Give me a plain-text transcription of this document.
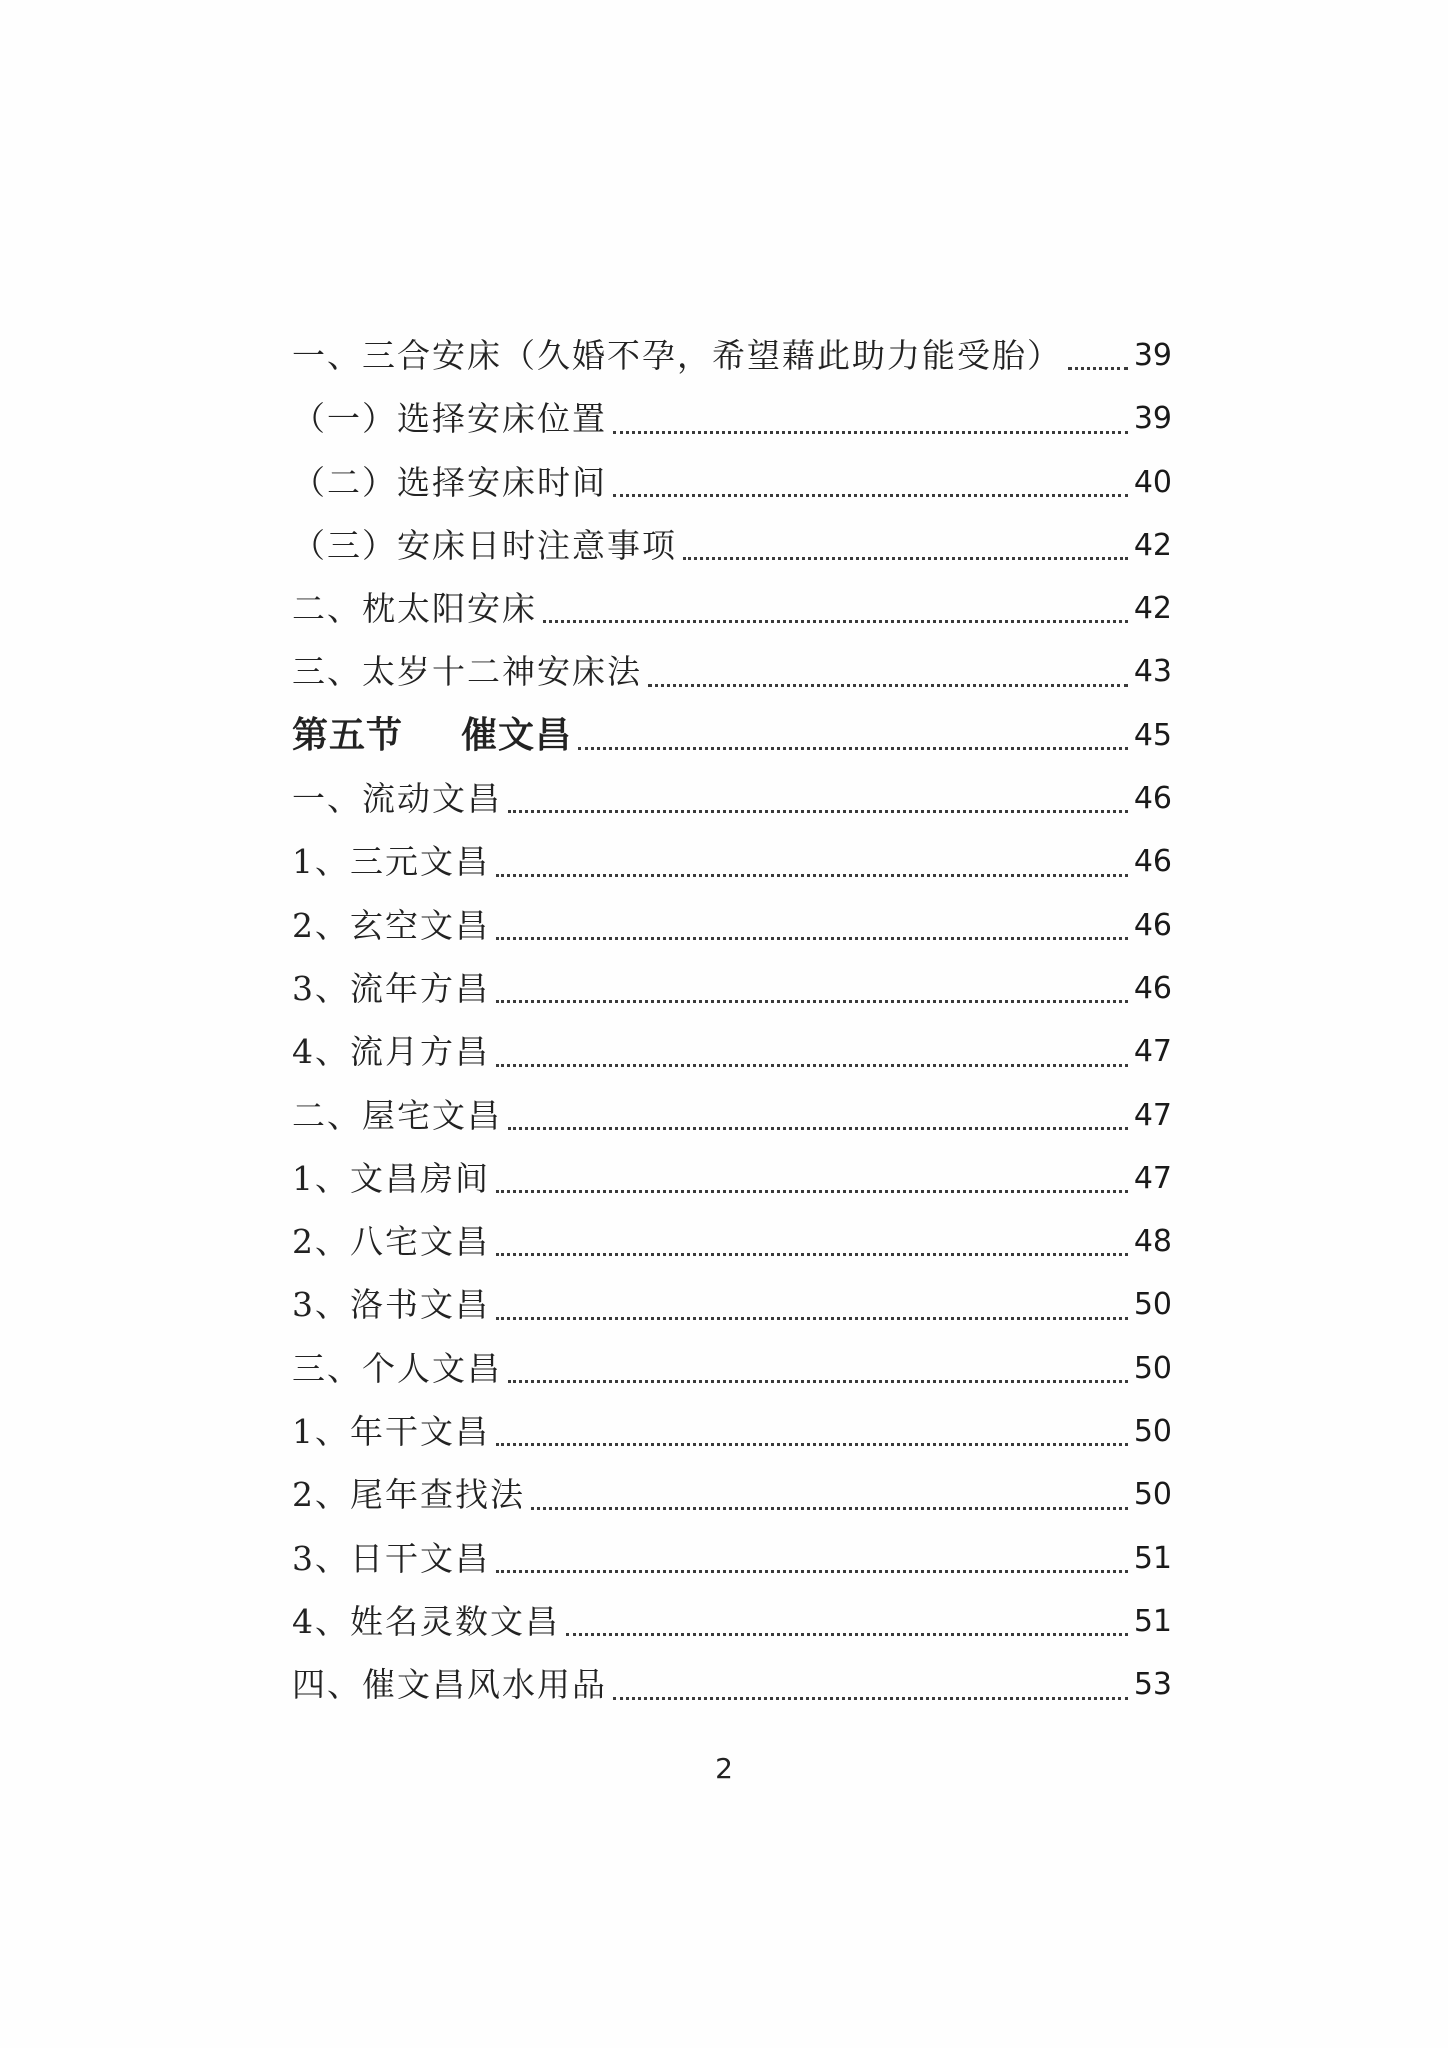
一、三合安床（久婚不孕，希望藉此助力能受胎） 39
（一）选择安床位置	39
（二）选择安床时间	40
（三）安床日时注意事项	42
二、枕太阳安床	42
三、太岁十二神安床法	43
第五节 催文昌	45
一、流动文昌	46
1、三元文昌	46
2、玄空文昌	46
3、流年方昌	46
4、流月方昌	47
二、屋宅文昌	47
1、文昌房间	47
2、八宅文昌	48
3、洛书文昌	50
三、个人文昌	50
1、年干文昌	50
2、尾年查找法	50
3、日干文昌	51
4、姓名灵数文昌	51
四、催文昌风水用品	53
2
